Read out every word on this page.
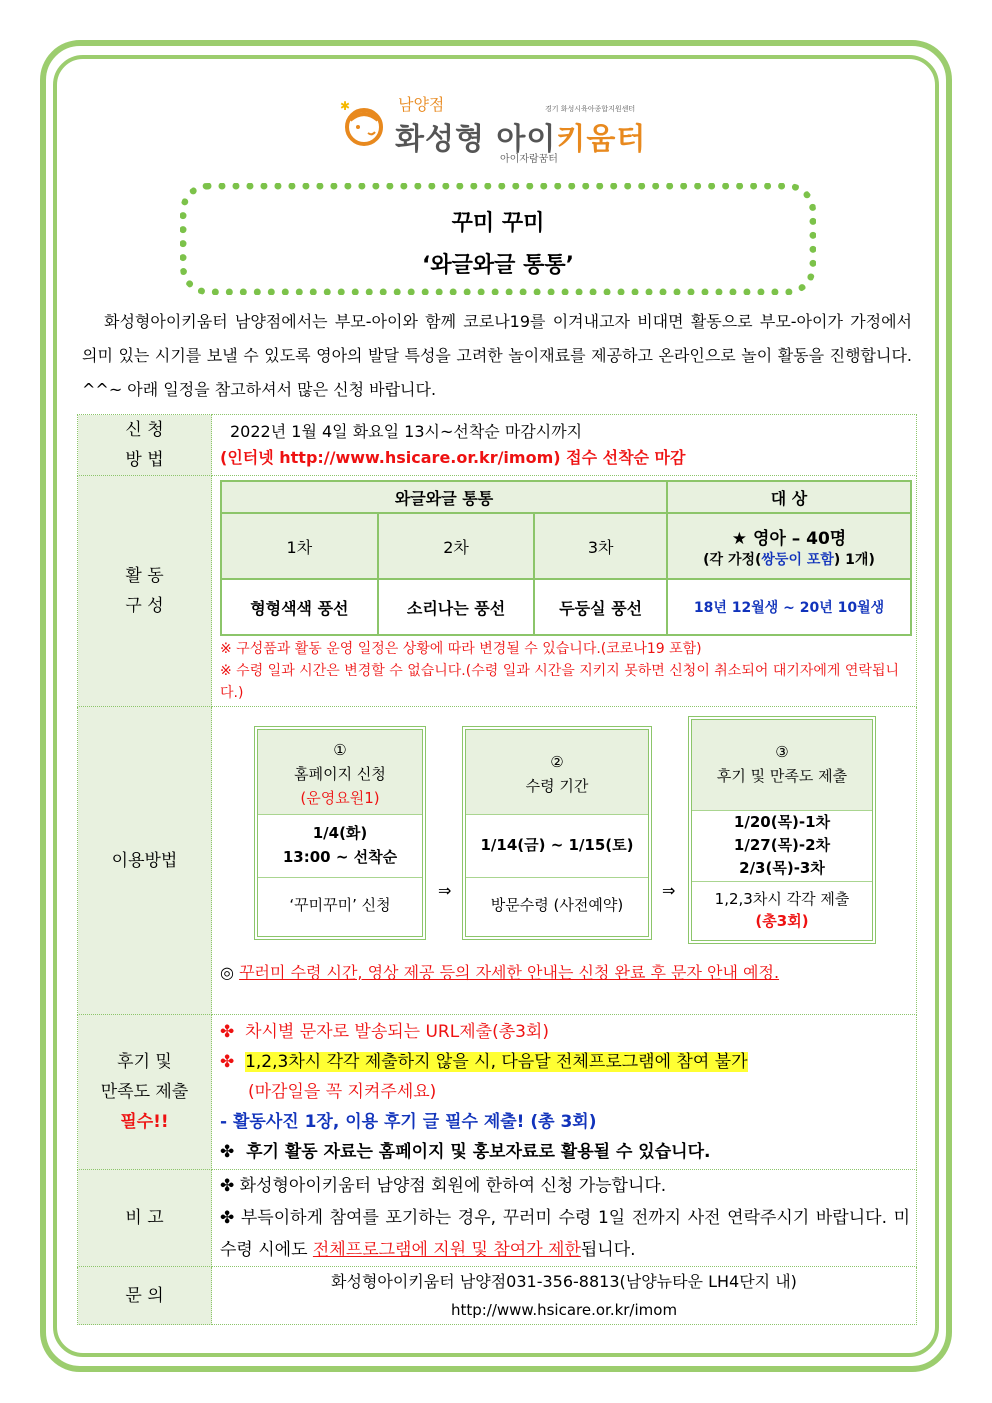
✱	남양점
화성형 아이키움터
아이자람꿈터
경기 화성시육아종합지원센터
꾸미 꾸미
‘와글와글 통통’
화성형아이키움터 남양점에서는 부모-아이와 함께 코로나19를 이겨내고자 비대면 활동으로 부모-아이가 가정에서 의미 있는 시기를 보낼 수 있도록 영아의 발달 특성을 고려한 놀이재료를 제공하고 온라인으로 놀이 활동을 진행합니다. ^^~ 아래 일정을 참고하셔서 많은 신청 바랍니다.
신 청
방 법	
2022년 1월 4일 화요일 13시~선착순 마감시까지
(인터넷 http://www.hsicare.or.kr/imom) 접수 선착순 마감

활 동
구 성	
와글와글 통통	대 상
1차	2차	3차	★ 영아 – 40명
(각 가정(쌍둥이 포함) 1개)

형형색색 풍선	소리나는 풍선	두둥실 풍선	18년 12월생 ~ 20년 10월생
※ 구성품과 활동 운영 일정은 상황에 따라 변경될 수 있습니다.(코로나19 포함)
※ 수령 일과 시간은 변경할 수 없습니다.(수령 일과 시간을 지키지 못하면 신청이 취소되어 대기자에게 연락됩니다.)

이용방법	
①
홈페이지 신청
(운영요원1)
1/4(화)
13:00 ~ 선착순
‘꾸미꾸미’ 신청
⇒
②
수령 기간
1/14(금) ~ 1/15(토)
방문수령 (사전예약)
⇒
③
후기 및 만족도 제출
1/20(목)-1차
1/27(목)-2차
2/3(목)-3차
1,2,3차시 각각 제출
(총3회)
◎ 꾸러미 수령 시간, 영상 제공 등의 자세한 안내는 신청 완료 후 문자 안내 예정.

후기 및
만족도 제출
필수!!

✤ 차시별 문자로 발송되는 URL제출(총3회)
✤ 1,2,3차시 각각 제출하지 않을 시, 다음달 전체프로그램에 참여 불가
(마감일을 꼭 지켜주세요)
- 활동사진 1장, 이용 후기 글 필수 제출! (총 3회)
✤ 후기 활동 자료는 홈페이지 및 홍보자료로 활용될 수 있습니다.

비 고	
✤ 화성형아이키움터 남양점 회원에 한하여 신청 가능합니다.
✤ 부득이하게 참여를 포기하는 경우, 꾸러미 수령 1일 전까지 사전 연락주시기 바랍니다. 미수령 시에도 전체프로그램에 지원 및 참여가 제한됩니다.

문 의	
화성형아이키움터 남양점031-356-8813(남양뉴타운 LH4단지 내)
http://www.hsicare.or.kr/imom
